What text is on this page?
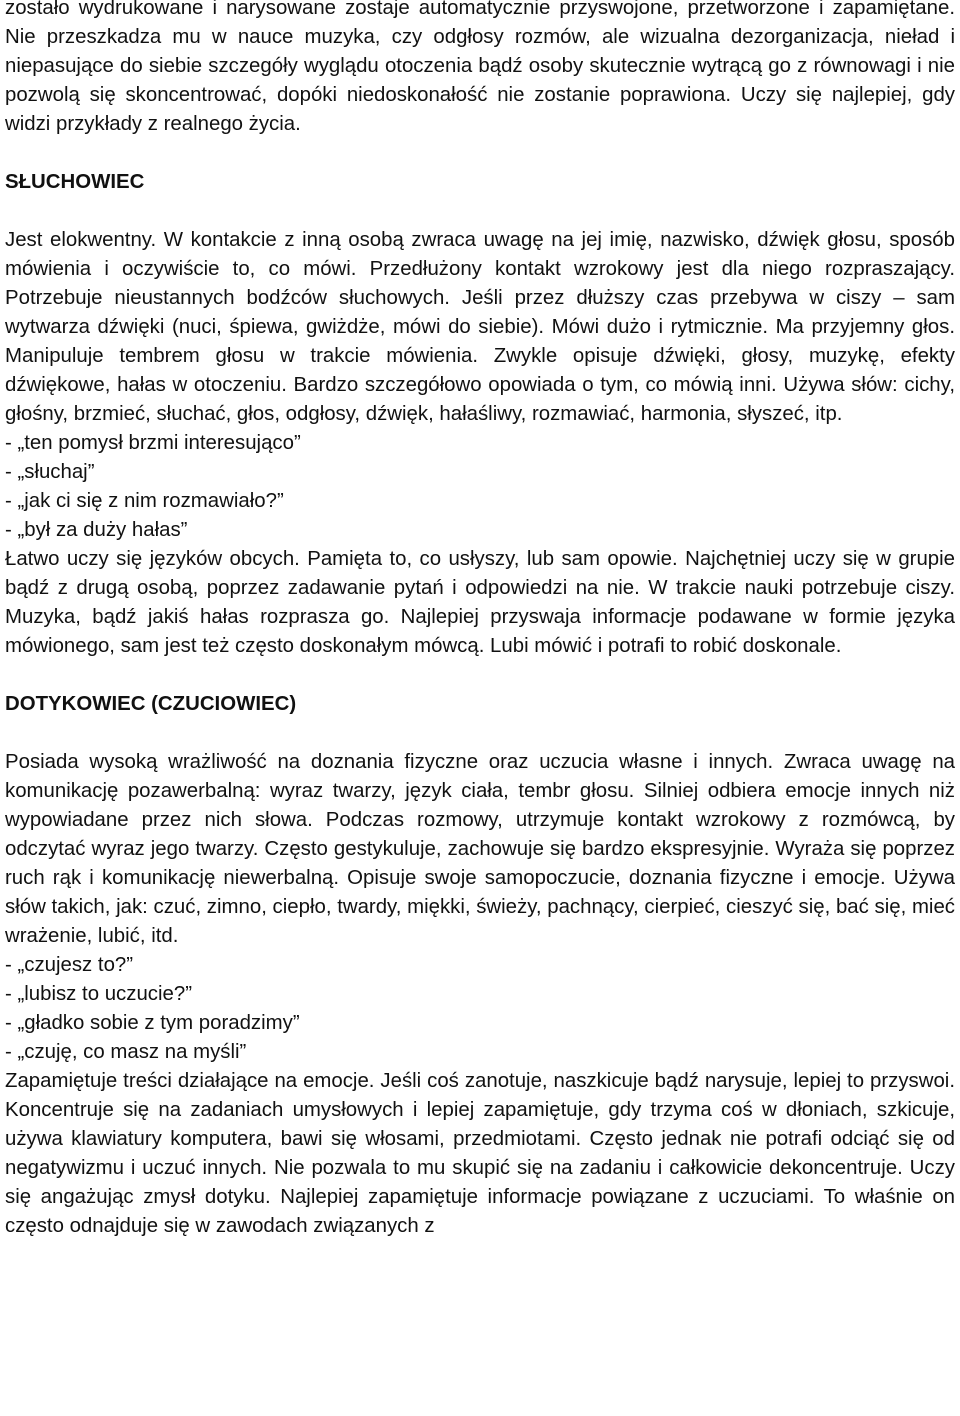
zostało wydrukowane i narysowane zostaje automatycznie przyswojone, przetworzone i zapamiętane. Nie przeszkadza mu w nauce muzyka, czy odgłosy rozmów, ale wizualna dezorganizacja, nieład i niepasujące do siebie szczegóły wyglądu otoczenia bądź osoby skutecznie wytrącą go z równowagi i nie pozwolą się skoncentrować, dopóki niedoskonałość nie zostanie poprawiona. Uczy się najlepiej, gdy widzi przykłady z realnego życia.

SŁUCHOWIEC

Jest elokwentny. W kontakcie z inną osobą zwraca uwagę na jej imię, nazwisko, dźwięk głosu, sposób mówienia i oczywiście to, co mówi. Przedłużony kontakt wzrokowy jest dla niego rozpraszający. Potrzebuje nieustannych bodźców słuchowych. Jeśli przez dłuższy czas przebywa w ciszy – sam wytwarza dźwięki (nuci, śpiewa, gwiżdże, mówi do siebie). Mówi dużo i rytmicznie. Ma przyjemny głos. Manipuluje tembrem głosu w trakcie mówienia. Zwykle opisuje dźwięki, głosy, muzykę, efekty dźwiękowe, hałas w otoczeniu. Bardzo szczegółowo opowiada o tym, co mówią inni. Używa słów: cichy, głośny, brzmieć, słuchać, głos, odgłosy, dźwięk, hałaśliwy, rozmawiać, harmonia, słyszeć, itp.

- „ten pomysł brzmi interesująco”
- „słuchaj”
- „jak ci się z nim rozmawiało?”
- „był za duży hałas”

Łatwo uczy się języków obcych. Pamięta to, co usłyszy, lub sam opowie. Najchętniej uczy się w grupie bądź z drugą osobą, poprzez zadawanie pytań i odpowiedzi na nie. W trakcie nauki potrzebuje ciszy. Muzyka, bądź jakiś hałas rozprasza go. Najlepiej przyswaja informacje podawane w formie języka mówionego, sam jest też często doskonałym mówcą. Lubi mówić i potrafi to robić doskonale.

DOTYKOWIEC (CZUCIOWIEC)

Posiada wysoką wrażliwość na doznania fizyczne oraz uczucia własne i innych. Zwraca uwagę na komunikację pozawerbalną: wyraz twarzy, język ciała, tembr głosu. Silniej odbiera emocje innych niż wypowiadane przez nich słowa. Podczas rozmowy, utrzymuje kontakt wzrokowy z rozmówcą, by odczytać wyraz jego twarzy. Często gestykuluje, zachowuje się bardzo ekspresyjnie. Wyraża się poprzez ruch rąk i komunikację niewerbalną. Opisuje swoje samopoczucie, doznania fizyczne i emocje. Używa słów takich, jak: czuć, zimno, ciepło, twardy, miękki, świeży, pachnący, cierpieć, cieszyć się, bać się, mieć wrażenie, lubić, itd.

- „czujesz to?”
- „lubisz to uczucie?”
- „gładko sobie z tym poradzimy”
- „czuję, co masz na myśli”

Zapamiętuje treści działające na emocje. Jeśli coś zanotuje, naszkicuje bądź narysuje, lepiej to przyswoi. Koncentruje się na zadaniach umysłowych i lepiej zapamiętuje, gdy trzyma coś w dłoniach, szkicuje, używa klawiatury komputera, bawi się włosami, przedmiotami. Często jednak nie potrafi odciąć się od negatywizmu i uczuć innych. Nie pozwala to mu skupić się na zadaniu i całkowicie dekoncentruje. Uczy się angażując zmysł dotyku. Najlepiej zapamiętuje informacje powiązane z uczuciami. To właśnie on często odnajduje się w zawodach związanych z
